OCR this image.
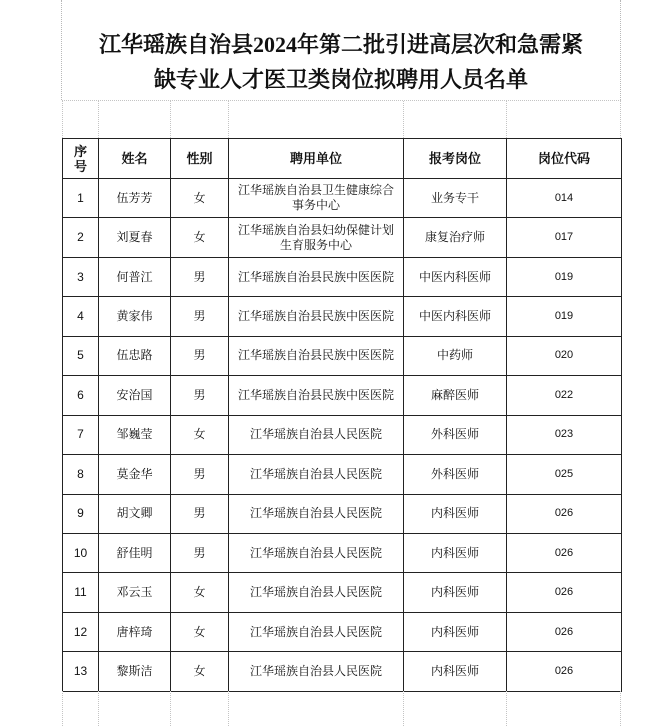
江华瑶族自治县2024年第二批引进高层次和急需紧
缺专业人才医卫类岗位拟聘用人员名单
序号	姓名	性别	聘用单位	报考岗位	岗位代码
1	伍芳芳	女	江华瑶族自治县卫生健康综合事务中心	业务专干	014
2	刘夏春	女	江华瑶族自治县妇幼保健计划生育服务中心	康复治疗师	017
3	何普江	男	江华瑶族自治县民族中医医院	中医内科医师	019
4	黄家伟	男	江华瑶族自治县民族中医医院	中医内科医师	019
5	伍忠路	男	江华瑶族自治县民族中医医院	中药师	020
6	安治国	男	江华瑶族自治县民族中医医院	麻醉医师	022
7	邹巍莹	女	江华瑶族自治县人民医院	外科医师	023
8	莫金华	男	江华瑶族自治县人民医院	外科医师	025
9	胡文卿	男	江华瑶族自治县人民医院	内科医师	026
10	舒佳明	男	江华瑶族自治县人民医院	内科医师	026
11	邓云玉	女	江华瑶族自治县人民医院	内科医师	026
12	唐梓琦	女	江华瑶族自治县人民医院	内科医师	026
13	黎斯洁	女	江华瑶族自治县人民医院	内科医师	026
